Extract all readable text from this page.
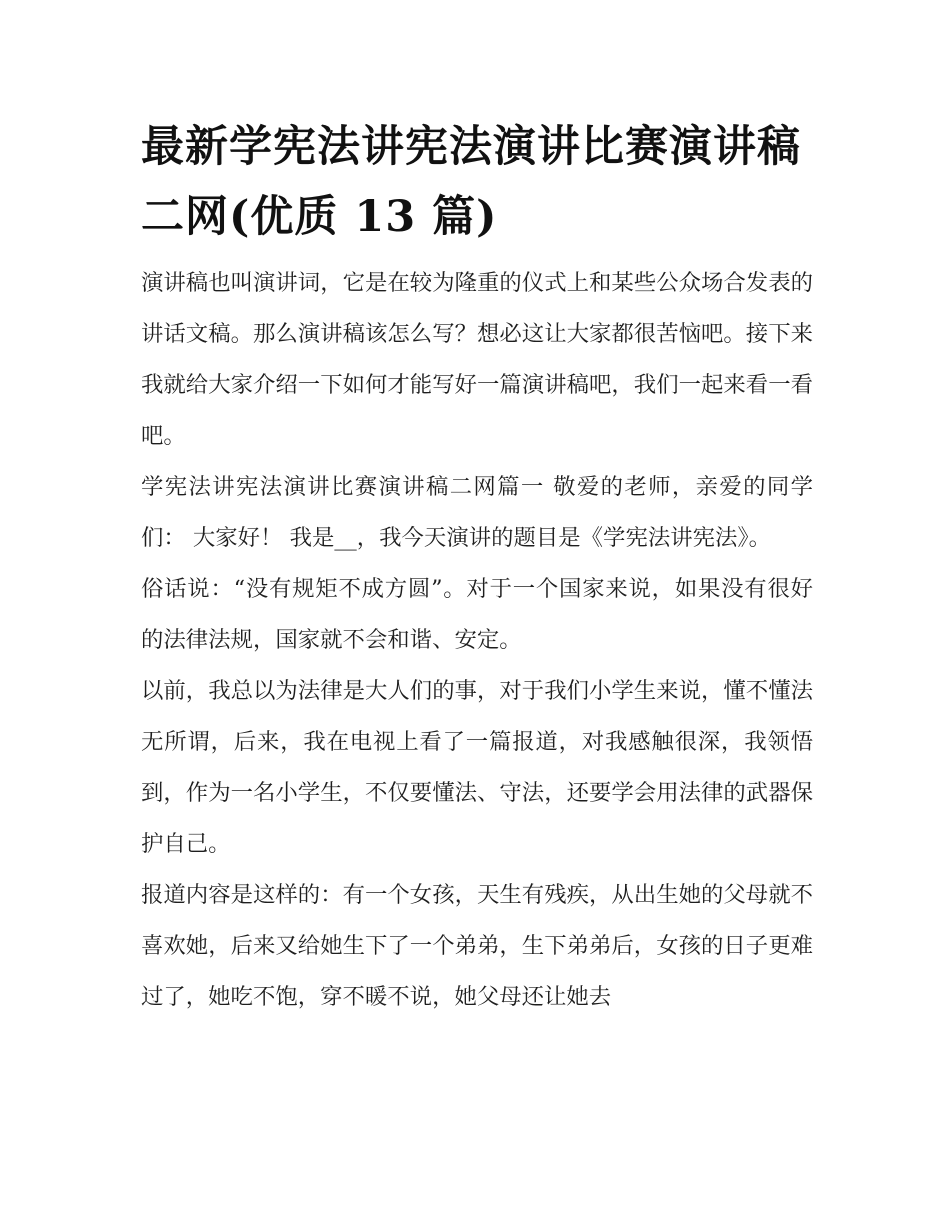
最新学宪法讲宪法演讲比赛演讲稿二网(优质 13 篇)

演讲稿也叫演讲词，它是在较为隆重的仪式上和某些公众场合发表的讲话文稿。那么演讲稿该怎么写？想必这让大家都很苦恼吧。接下来我就给大家介绍一下如何才能写好一篇演讲稿吧，我们一起来看一看吧。

学宪法讲宪法演讲比赛演讲稿二网篇一 敬爱的老师，亲爱的同学们： 大家好！ 我是__，我今天演讲的题目是《学宪法讲宪法》。

俗话说：“没有规矩不成方圆”。对于一个国家来说，如果没有很好的法律法规，国家就不会和谐、安定。

以前，我总以为法律是大人们的事，对于我们小学生来说，懂不懂法无所谓，后来，我在电视上看了一篇报道，对我感触很深，我领悟到，作为一名小学生，不仅要懂法、守法，还要学会用法律的武器保护自己。

报道内容是这样的：有一个女孩，天生有残疾，从出生她的父母就不喜欢她，后来又给她生下了一个弟弟，生下弟弟后，女孩的日子更难过了，她吃不饱，穿不暖不说，她父母还让她去
